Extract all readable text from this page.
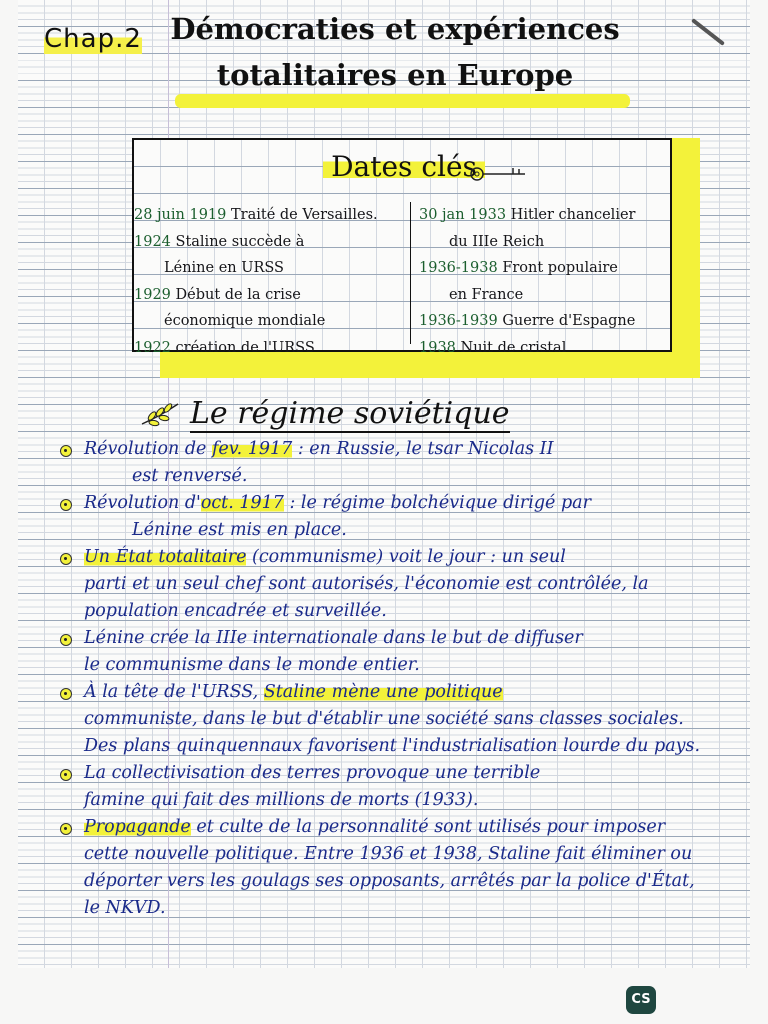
Chap.2 Démocraties et expériences
totalitaires en Europe
Dates clés
28 juin 1919 Traité de Versailles.
1924 Staline succède à
Lénine en URSS
1929 Début de la crise
économique mondiale
1922 création de l'URSS
30 jan 1933 Hitler chancelier
du IIIe Reich
1936-1938 Front populaire
en France
1936-1939 Guerre d'Espagne
1938 Nuit de cristal
Le régime soviétique
Révolution de fev. 1917 : en Russie, le tsar Nicolas II
est renversé.
Révolution d'oct. 1917 : le régime bolchévique dirigé par
Lénine est mis en place.
Un État totalitaire (communisme) voit le jour : un seul
parti et un seul chef sont autorisés, l'économie est contrôlée, la population encadrée et surveillée.
Lénine crée la IIIe internationale dans le but de diffuser
le communisme dans le monde entier.
À la tête de l'URSS, Staline mène une politique
communiste, dans le but d'établir une société sans classes sociales. Des plans quinquennaux favorisent l'industrialisation lourde du pays.
La collectivisation des terres provoque une terrible
famine qui fait des millions de morts (1933).
Propagande et culte de la personnalité sont utilisés pour imposer
cette nouvelle politique. Entre 1936 et 1938, Staline fait éliminer ou déporter vers les goulags ses opposants, arrêtés par la police d'État, le NKVD.
CS
